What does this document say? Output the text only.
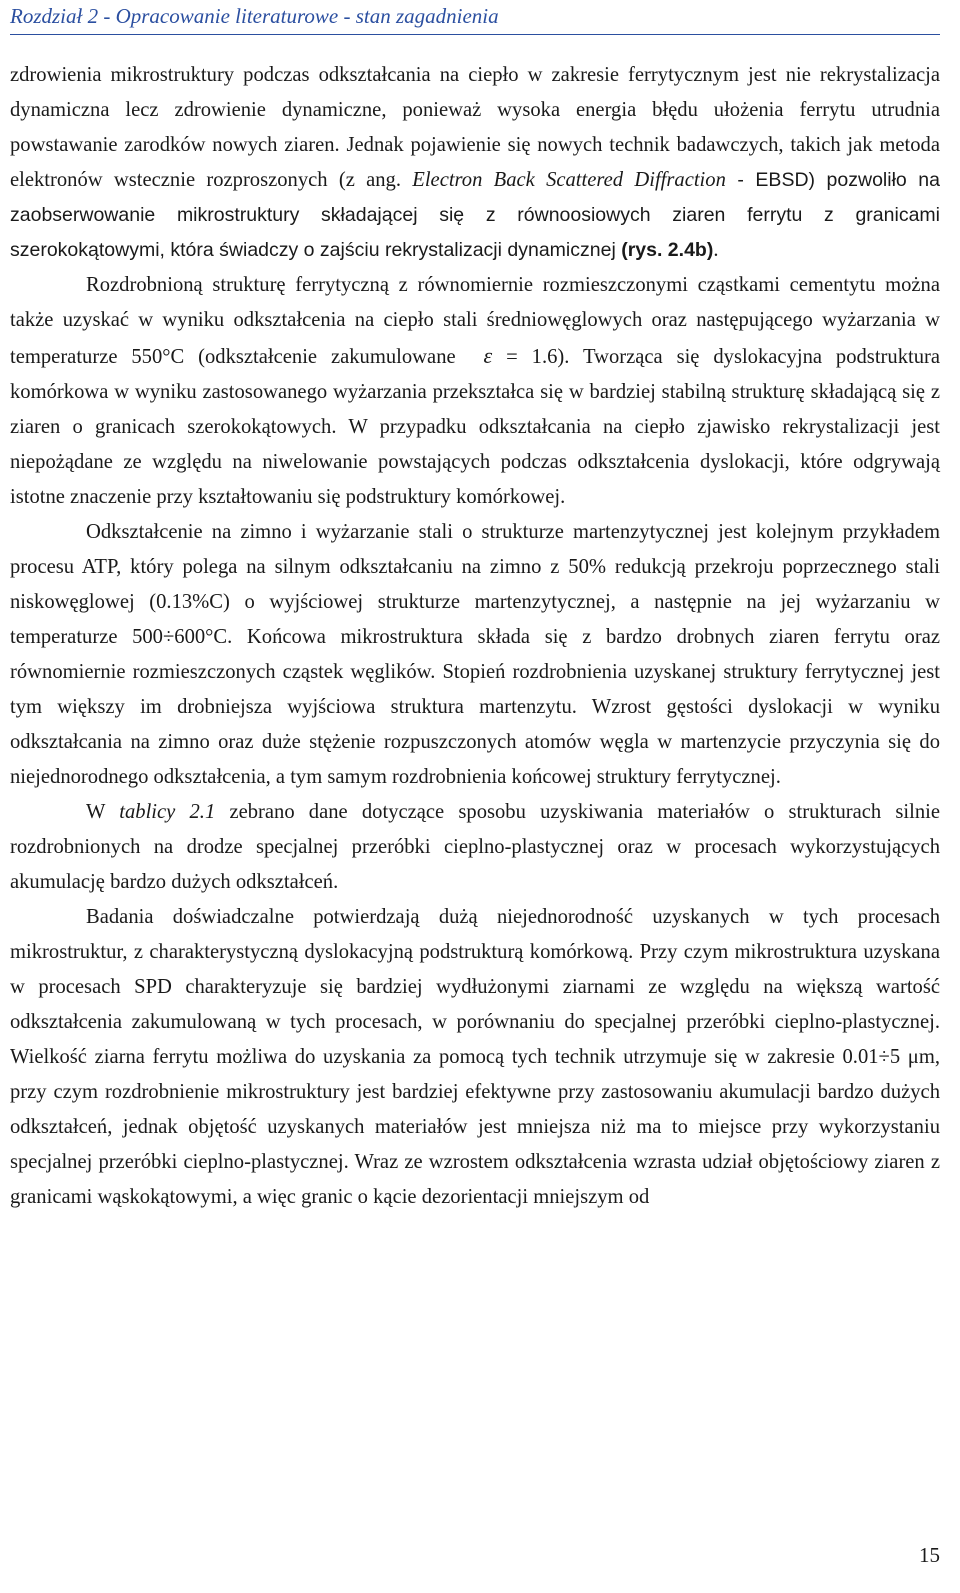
Rozdział 2 - Opracowanie literaturowe - stan zagadnienia

zdrowienia mikrostruktury podczas odkształcania na ciepło w zakresie ferrytycznym jest nie rekrystalizacja dynamiczna lecz zdrowienie dynamiczne, ponieważ wysoka energia błędu ułożenia ferrytu utrudnia powstawanie zarodków nowych ziaren. Jednak pojawienie się nowych technik badawczych, takich jak metoda elektronów wstecznie rozproszonych (z ang. Electron Back Scattered Diffraction - EBSD) pozwoliło na zaobserwowanie mikrostruktury składającej się z równoosiowych ziaren ferrytu z granicami szerokokątowymi, która świadczy o zajściu rekrystalizacji dynamicznej (rys. 2.4b).

Rozdrobnioną strukturę ferrytyczną z równomiernie rozmieszczonymi cząstkami cementytu można także uzyskać w wyniku odkształcenia na ciepło stali średniowęglowych oraz następującego wyżarzania w temperaturze 550°C (odkształcenie zakumulowane ε = 1.6). Tworząca się dyslokacyjna podstruktura komórkowa w wyniku zastosowanego wyżarzania przekształca się w bardziej stabilną strukturę składającą się z ziaren o granicach szerokokątowych. W przypadku odkształcania na ciepło zjawisko rekrystalizacji jest niepożądane ze względu na niwelowanie powstających podczas odkształcenia dyslokacji, które odgrywają istotne znaczenie przy kształtowaniu się podstruktury komórkowej.

Odkształcenie na zimno i wyżarzanie stali o strukturze martenzytycznej jest kolejnym przykładem procesu ATP, który polega na silnym odkształcaniu na zimno z 50% redukcją przekroju poprzecznego stali niskowęglowej (0.13%C) o wyjściowej strukturze martenzytycznej, a następnie na jej wyżarzaniu w temperaturze 500÷600°C. Końcowa mikrostruktura składa się z bardzo drobnych ziaren ferrytu oraz równomiernie rozmieszczonych cząstek węglików. Stopień rozdrobnienia uzyskanej struktury ferrytycznej jest tym większy im drobniejsza wyjściowa struktura martenzytu. Wzrost gęstości dyslokacji w wyniku odkształcania na zimno oraz duże stężenie rozpuszczonych atomów węgla w martenzycie przyczynia się do niejednorodnego odkształcenia, a tym samym rozdrobnienia końcowej struktury ferrytycznej.

W tablicy 2.1 zebrano dane dotyczące sposobu uzyskiwania materiałów o strukturach silnie rozdrobnionych na drodze specjalnej przeróbki cieplno-plastycznej oraz w procesach wykorzystujących akumulację bardzo dużych odkształceń.

Badania doświadczalne potwierdzają dużą niejednorodność uzyskanych w tych procesach mikrostruktur, z charakterystyczną dyslokacyjną podstrukturą komórkową. Przy czym mikrostruktura uzyskana w procesach SPD charakteryzuje się bardziej wydłużonymi ziarnami ze względu na większą wartość odkształcenia zakumulowaną w tych procesach, w porównaniu do specjalnej przeróbki cieplno-plastycznej. Wielkość ziarna ferrytu możliwa do uzyskania za pomocą tych technik utrzymuje się w zakresie 0.01÷5 μm, przy czym rozdrobnienie mikrostruktury jest bardziej efektywne przy zastosowaniu akumulacji bardzo dużych odkształceń, jednak objętość uzyskanych materiałów jest mniejsza niż ma to miejsce przy wykorzystaniu specjalnej przeróbki cieplno-plastycznej. Wraz ze wzrostem odkształcenia wzrasta udział objętościowy ziaren z granicami wąskokątowymi, a więc granic o kącie dezorientacji mniejszym od

15
